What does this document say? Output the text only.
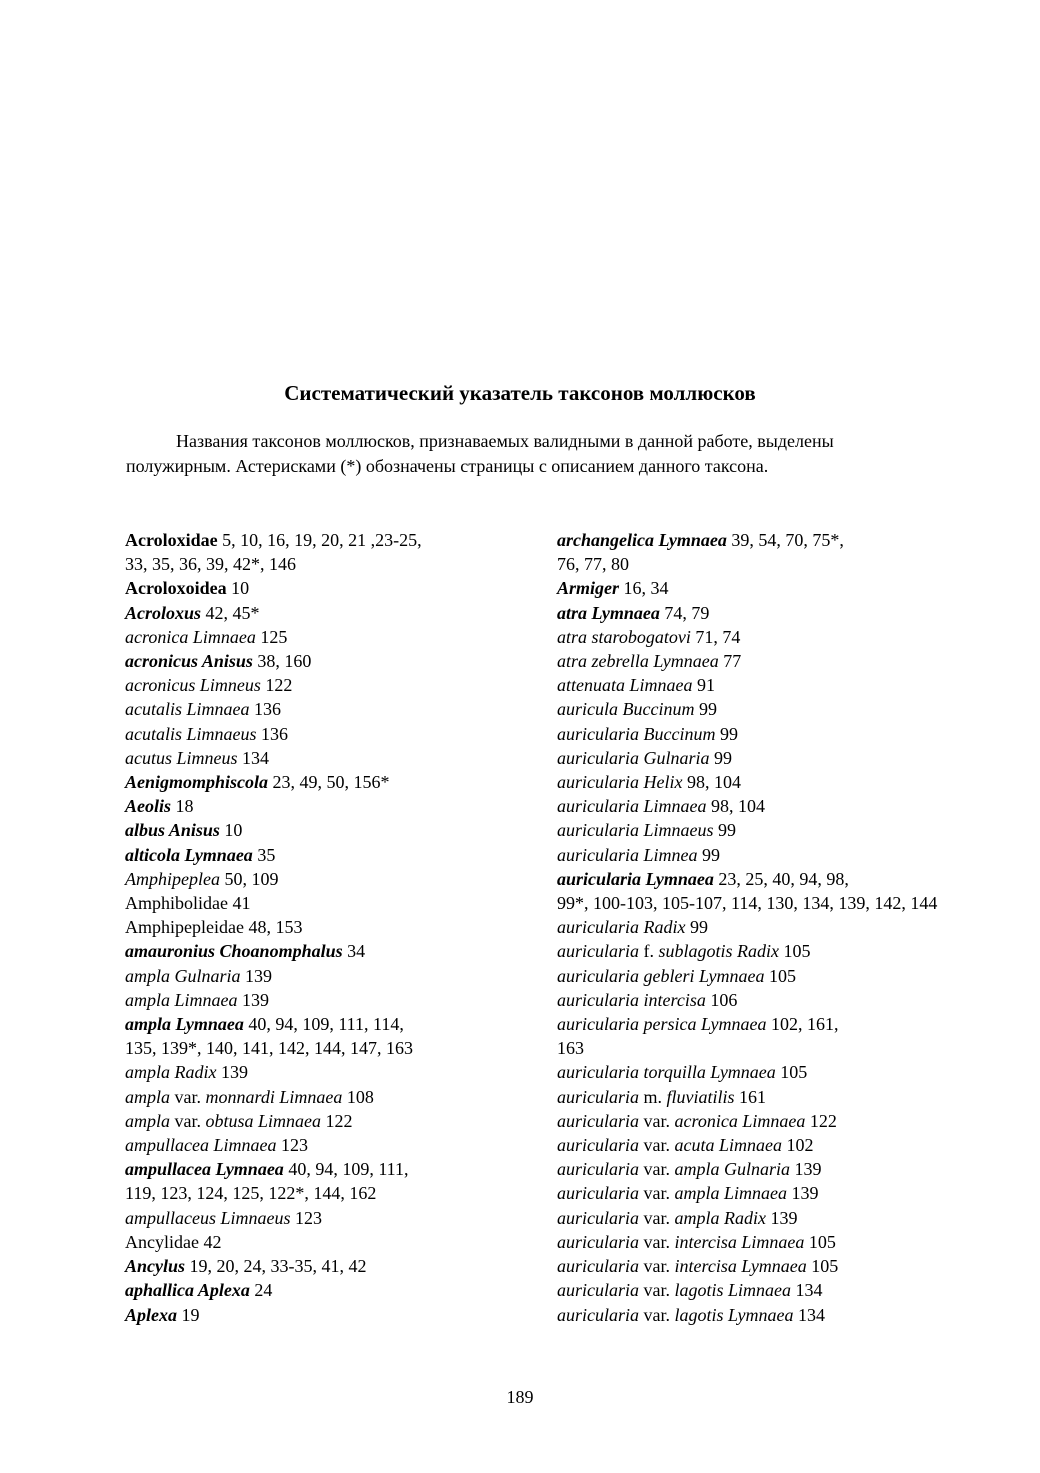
Систематический указатель таксонов моллюсков

Названия таксонов моллюсков, признаваемых валидными в данной работе, выделены полужирным. Астерисками (*) обозначены страницы с описанием данного таксона.

Acroloxidae 5, 10, 16, 19, 20, 21 ,23-25,
33, 35, 36, 39, 42*, 146
Acroloxoidea 10
Acroloxus 42, 45*
acronica Limnaea 125
acronicus Anisus 38, 160
acronicus Limneus 122
acutalis Limnaea 136
acutalis Limnaeus 136
acutus Limneus 134
Aenigmomphiscola 23, 49, 50, 156*
Aeolis 18
albus Anisus 10
alticola Lymnaea 35
Amphipeplea 50, 109
Amphibolidae 41
Amphipepleidae 48, 153
amauronius Choanomphalus 34
ampla Gulnaria 139
ampla Limnaea 139
ampla Lymnaea 40, 94, 109, 111, 114,
135, 139*, 140, 141, 142, 144, 147, 163
ampla Radix 139
ampla var. monnardi Limnaea 108
ampla var. obtusa Limnaea 122
ampullacea Limnaea 123
ampullacea Lymnaea 40, 94, 109, 111,
119, 123, 124, 125, 122*, 144, 162
ampullaceus Limnaeus 123
Ancylidae 42
Ancylus 19, 20, 24, 33-35, 41, 42
aphallica Aplexa 24
Aplexa 19
archangelica Lymnaea 39, 54, 70, 75*,
76, 77, 80
Armiger 16, 34
atra Lymnaea 74, 79
atra starobogatovi 71, 74
atra zebrella Lymnaea 77
attenuata Limnaea 91
auricula Buccinum 99
auricularia Buccinum 99
auricularia Gulnaria 99
auricularia Helix 98, 104
auricularia Limnaea 98, 104
auricularia Limnaeus 99
auricularia Limnea 99
auricularia Lymnaea 23, 25, 40, 94, 98,
99*, 100-103, 105-107, 114, 130, 134, 139, 142, 144
auricularia Radix 99
auricularia f. sublagotis Radix 105
auricularia gebleri Lymnaea 105
auricularia intercisa 106
auricularia persica Lymnaea 102, 161,
163
auricularia torquilla Lymnaea 105
auricularia m. fluviatilis 161
auricularia var. acronica Limnaea 122
auricularia var. acuta Limnaea 102
auricularia var. ampla Gulnaria 139
auricularia var. ampla Limnaea 139
auricularia var. ampla Radix 139
auricularia var. intercisa Limnaea 105
auricularia var. intercisa Lymnaea 105
auricularia var. lagotis Limnaea 134
auricularia var. lagotis Lymnaea 134
189
